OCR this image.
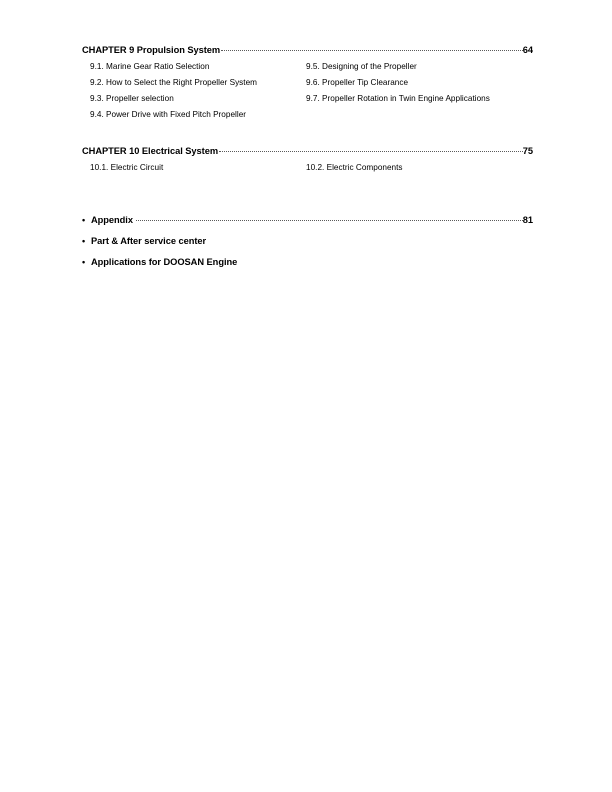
CHAPTER 9 Propulsion System	64
9.1. Marine Gear Ratio Selection	9.5. Designing of the Propeller
9.2. How to Select the Right Propeller System	9.6. Propeller Tip Clearance
9.3. Propeller selection	9.7. Propeller Rotation in Twin Engine Applications
9.4. Power Drive with Fixed Pitch Propeller
CHAPTER 10 Electrical System	75
10.1. Electric Circuit	10.2. Electric Components
• Appendix	81
• Part & After service center
• Applications for DOOSAN Engine
